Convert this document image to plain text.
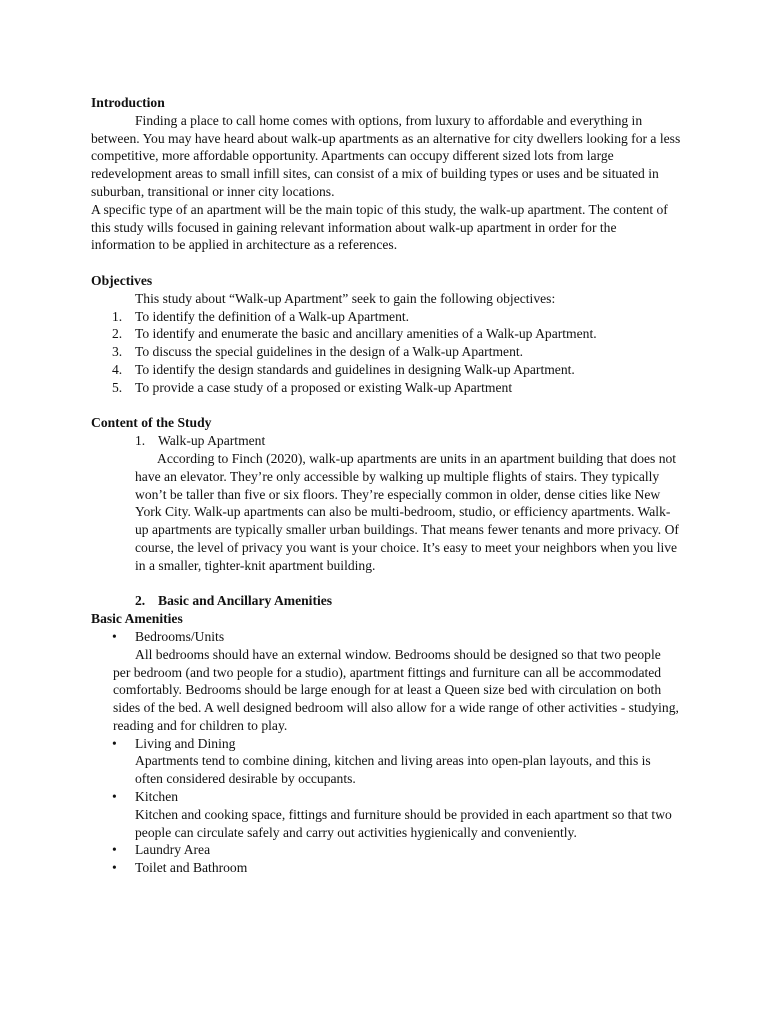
Introduction

Finding a place to call home comes with options, from luxury to affordable and everything in between. You may have heard about walk-up apartments as an alternative for city dwellers looking for a less competitive, more affordable opportunity. Apartments can occupy different sized lots from large redevelopment areas to small infill sites, can consist of a mix of building types or uses and be situated in suburban, transitional or inner city locations.

A specific type of an apartment will be the main topic of this study, the walk-up apartment. The content of this study wills focused in gaining relevant information about walk-up apartment in order for the information to be applied in architecture as a references.

Objectives

This study about “Walk-up Apartment” seek to gain the following objectives:

1. To identify the definition of a Walk-up Apartment.
2. To identify and enumerate the basic and ancillary amenities of a Walk-up Apartment.
3. To discuss the special guidelines in the design of a Walk-up Apartment.
4. To identify the design standards and guidelines in designing Walk-up Apartment.
5. To provide a case study of a proposed or existing Walk-up Apartment
Content of the Study
1. Walk-up Apartment

According to Finch (2020), walk-up apartments are units in an apartment building that does not have an elevator. They’re only accessible by walking up multiple flights of stairs. They typically won’t be taller than five or six floors. They’re especially common in older, dense cities like New York City. Walk-up apartments can also be multi-bedroom, studio, or efficiency apartments. Walk-up apartments are typically smaller urban buildings. That means fewer tenants and more privacy. Of course, the level of privacy you want is your choice. It’s easy to meet your neighbors when you live in a smaller, tighter-knit apartment building.

2. Basic and Ancillary Amenities
Basic Amenities
• Bedrooms/Units
All bedrooms should have an external window. Bedrooms should be designed so that two people per bedroom (and two people for a studio), apartment fittings and furniture can all be accommodated comfortably. Bedrooms should be large enough for at least a Queen size bed with circulation on both sides of the bed. A well designed bedroom will also allow for a wide range of other activities - studying, reading and for children to play.
• Living and Dining
Apartments tend to combine dining, kitchen and living areas into open-plan layouts, and this is often considered desirable by occupants.
• Kitchen
Kitchen and cooking space, fittings and furniture should be provided in each apartment so that two people can circulate safely and carry out activities hygienically and conveniently.
• Laundry Area
• Toilet and Bathroom
